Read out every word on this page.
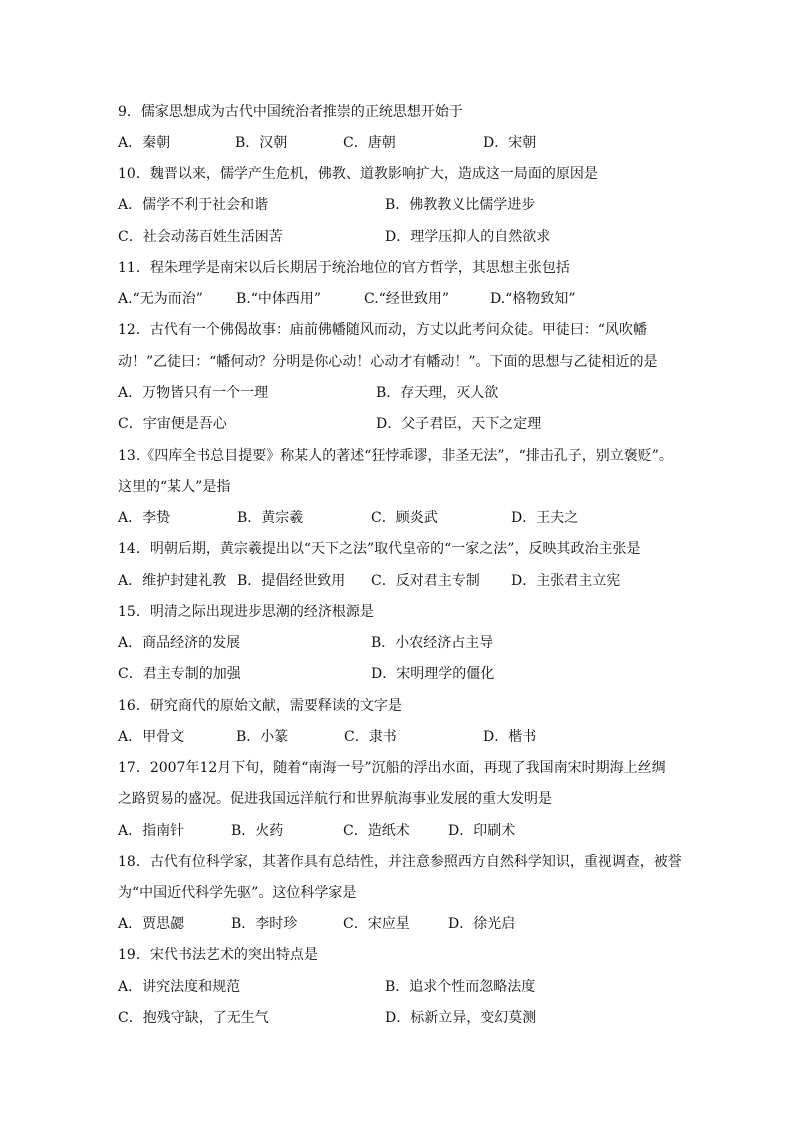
9．儒家思想成为古代中国统治者推崇的正统思想开始于
A．秦朝	B．汉朝	C．唐朝	D．宋朝
10．魏晋以来，儒学产生危机，佛教、道教影响扩大，造成这一局面的原因是
A．儒学不利于社会和谐	B．佛教教义比儒学进步
C．社会动荡百姓生活困苦	D．理学压抑人的自然欲求
11．程朱理学是南宋以后长期居于统治地位的官方哲学，其思想主张包括
A.“无为而治” B.“中体西用”	C.“经世致用”	D.“格物致知”
12．古代有一个佛偈故事：庙前佛幡随风而动，方丈以此考问众徒。甲徒曰：“风吹幡
动！”乙徒曰：“幡何动？分明是你心动！心动才有幡动！”。下面的思想与乙徒相近的是
A．万物皆只有一个一理	B．存天理，灭人欲
C．宇宙便是吾心	D．父子君臣，天下之定理
13.《四库全书总目提要》称某人的著述“狂悖乖谬，非圣无法”，“排击孔子，别立褒贬”。
这里的“某人”是指
A．李贽	B．黄宗羲	C．顾炎武	D．王夫之
14．明朝后期，黄宗羲提出以“天下之法”取代皇帝的“一家之法”，反映其政治主张是
A．维护封建礼教 B．提倡经世致用 C．反对君主专制 D．主张君主立宪
15．明清之际出现进步思潮的经济根源是
A．商品经济的发展	B．小农经济占主导
C．君主专制的加强	D．宋明理学的僵化
16．研究商代的原始文献，需要释读的文字是
A．甲骨文	B．小篆	C．隶书	D．楷书
17．2007年12月下旬，随着“南海一号”沉船的浮出水面，再现了我国南宋时期海上丝绸
之路贸易的盛况。促进我国远洋航行和世界航海事业发展的重大发明是
A．指南针	B．火药	C．造纸术	D．印刷术
18．古代有位科学家，其著作具有总结性，并注意参照西方自然科学知识，重视调查，被誉
为“中国近代科学先驱”。这位科学家是
A．贾思勰	B．李时珍	C．宋应星	D．徐光启
19．宋代书法艺术的突出特点是
A．讲究法度和规范	B．追求个性而忽略法度
C．抱残守缺，了无生气	D．标新立异，变幻莫测
